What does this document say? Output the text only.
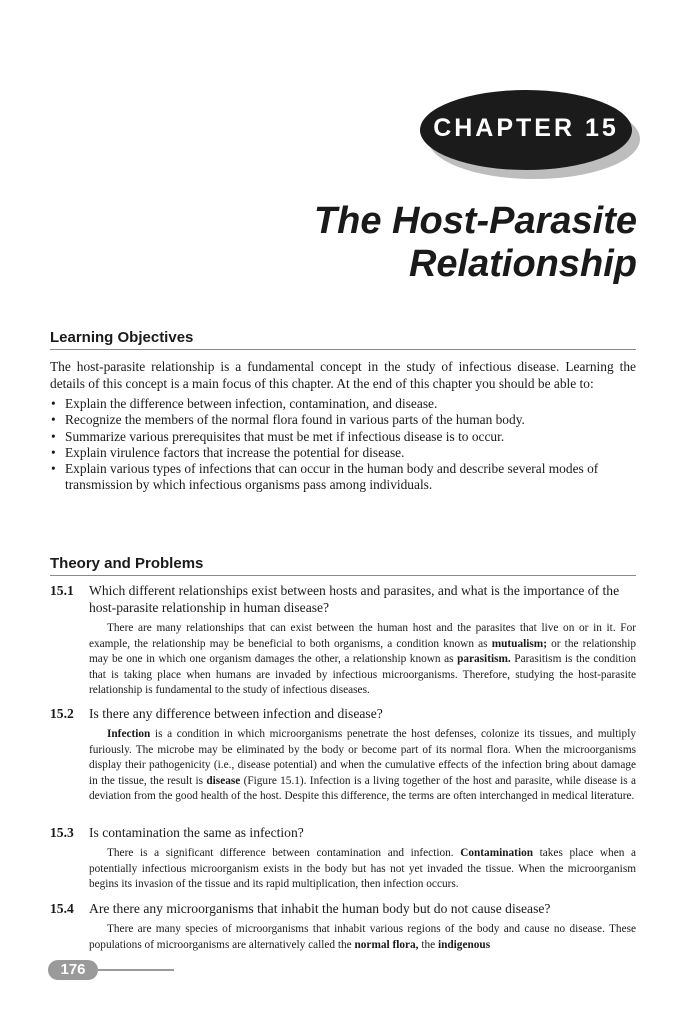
CHAPTER 15
The Host-Parasite
Relationship
Learning Objectives

The host-parasite relationship is a fundamental concept in the study of infectious disease. Learning the details of this concept is a main focus of this chapter. At the end of this chapter you should be able to:

• Explain the difference between infection, contamination, and disease.
• Recognize the members of the normal flora found in various parts of the human body.
• Summarize various prerequisites that must be met if infectious disease is to occur.
• Explain virulence factors that increase the potential for disease.
• Explain various types of infections that can occur in the human body and describe several modes of transmission by which infectious organisms pass among individuals.
Theory and Problems
15.1	Which different relationships exist between hosts and parasites, and what is the importance of the host-parasite relationship in human disease?

There are many relationships that can exist between the human host and the parasites that live on or in it. For example, the relationship may be beneficial to both organisms, a condition known as mutualism; or the relationship may be one in which one organism damages the other, a relationship known as parasitism. Parasitism is the condition that is taking place when humans are invaded by infectious microorganisms. Therefore, studying the host-parasite relationship is fundamental to the study of infectious diseases.

15.2	Is there any difference between infection and disease?

Infection is a condition in which microorganisms penetrate the host defenses, colonize its tissues, and multiply furiously. The microbe may be eliminated by the body or become part of its normal flora. When the microorganisms display their pathogenicity (i.e., disease potential) and when the cumulative effects of the infection bring about damage in the tissue, the result is disease (Figure 15.1). Infection is a living together of the host and parasite, while disease is a deviation from the good health of the host. Despite this difference, the terms are often interchanged in medical literature.

15.3	Is contamination the same as infection?

There is a significant difference between contamination and infection. Contamination takes place when a potentially infectious microorganism exists in the body but has not yet invaded the tissue. When the microorganism begins its invasion of the tissue and its rapid multiplication, then infection occurs.

15.4	Are there any microorganisms that inhabit the human body but do not cause disease?

There are many species of microorganisms that inhabit various regions of the body and cause no disease. These populations of microorganisms are alternatively called the normal flora, the indigenous

176
